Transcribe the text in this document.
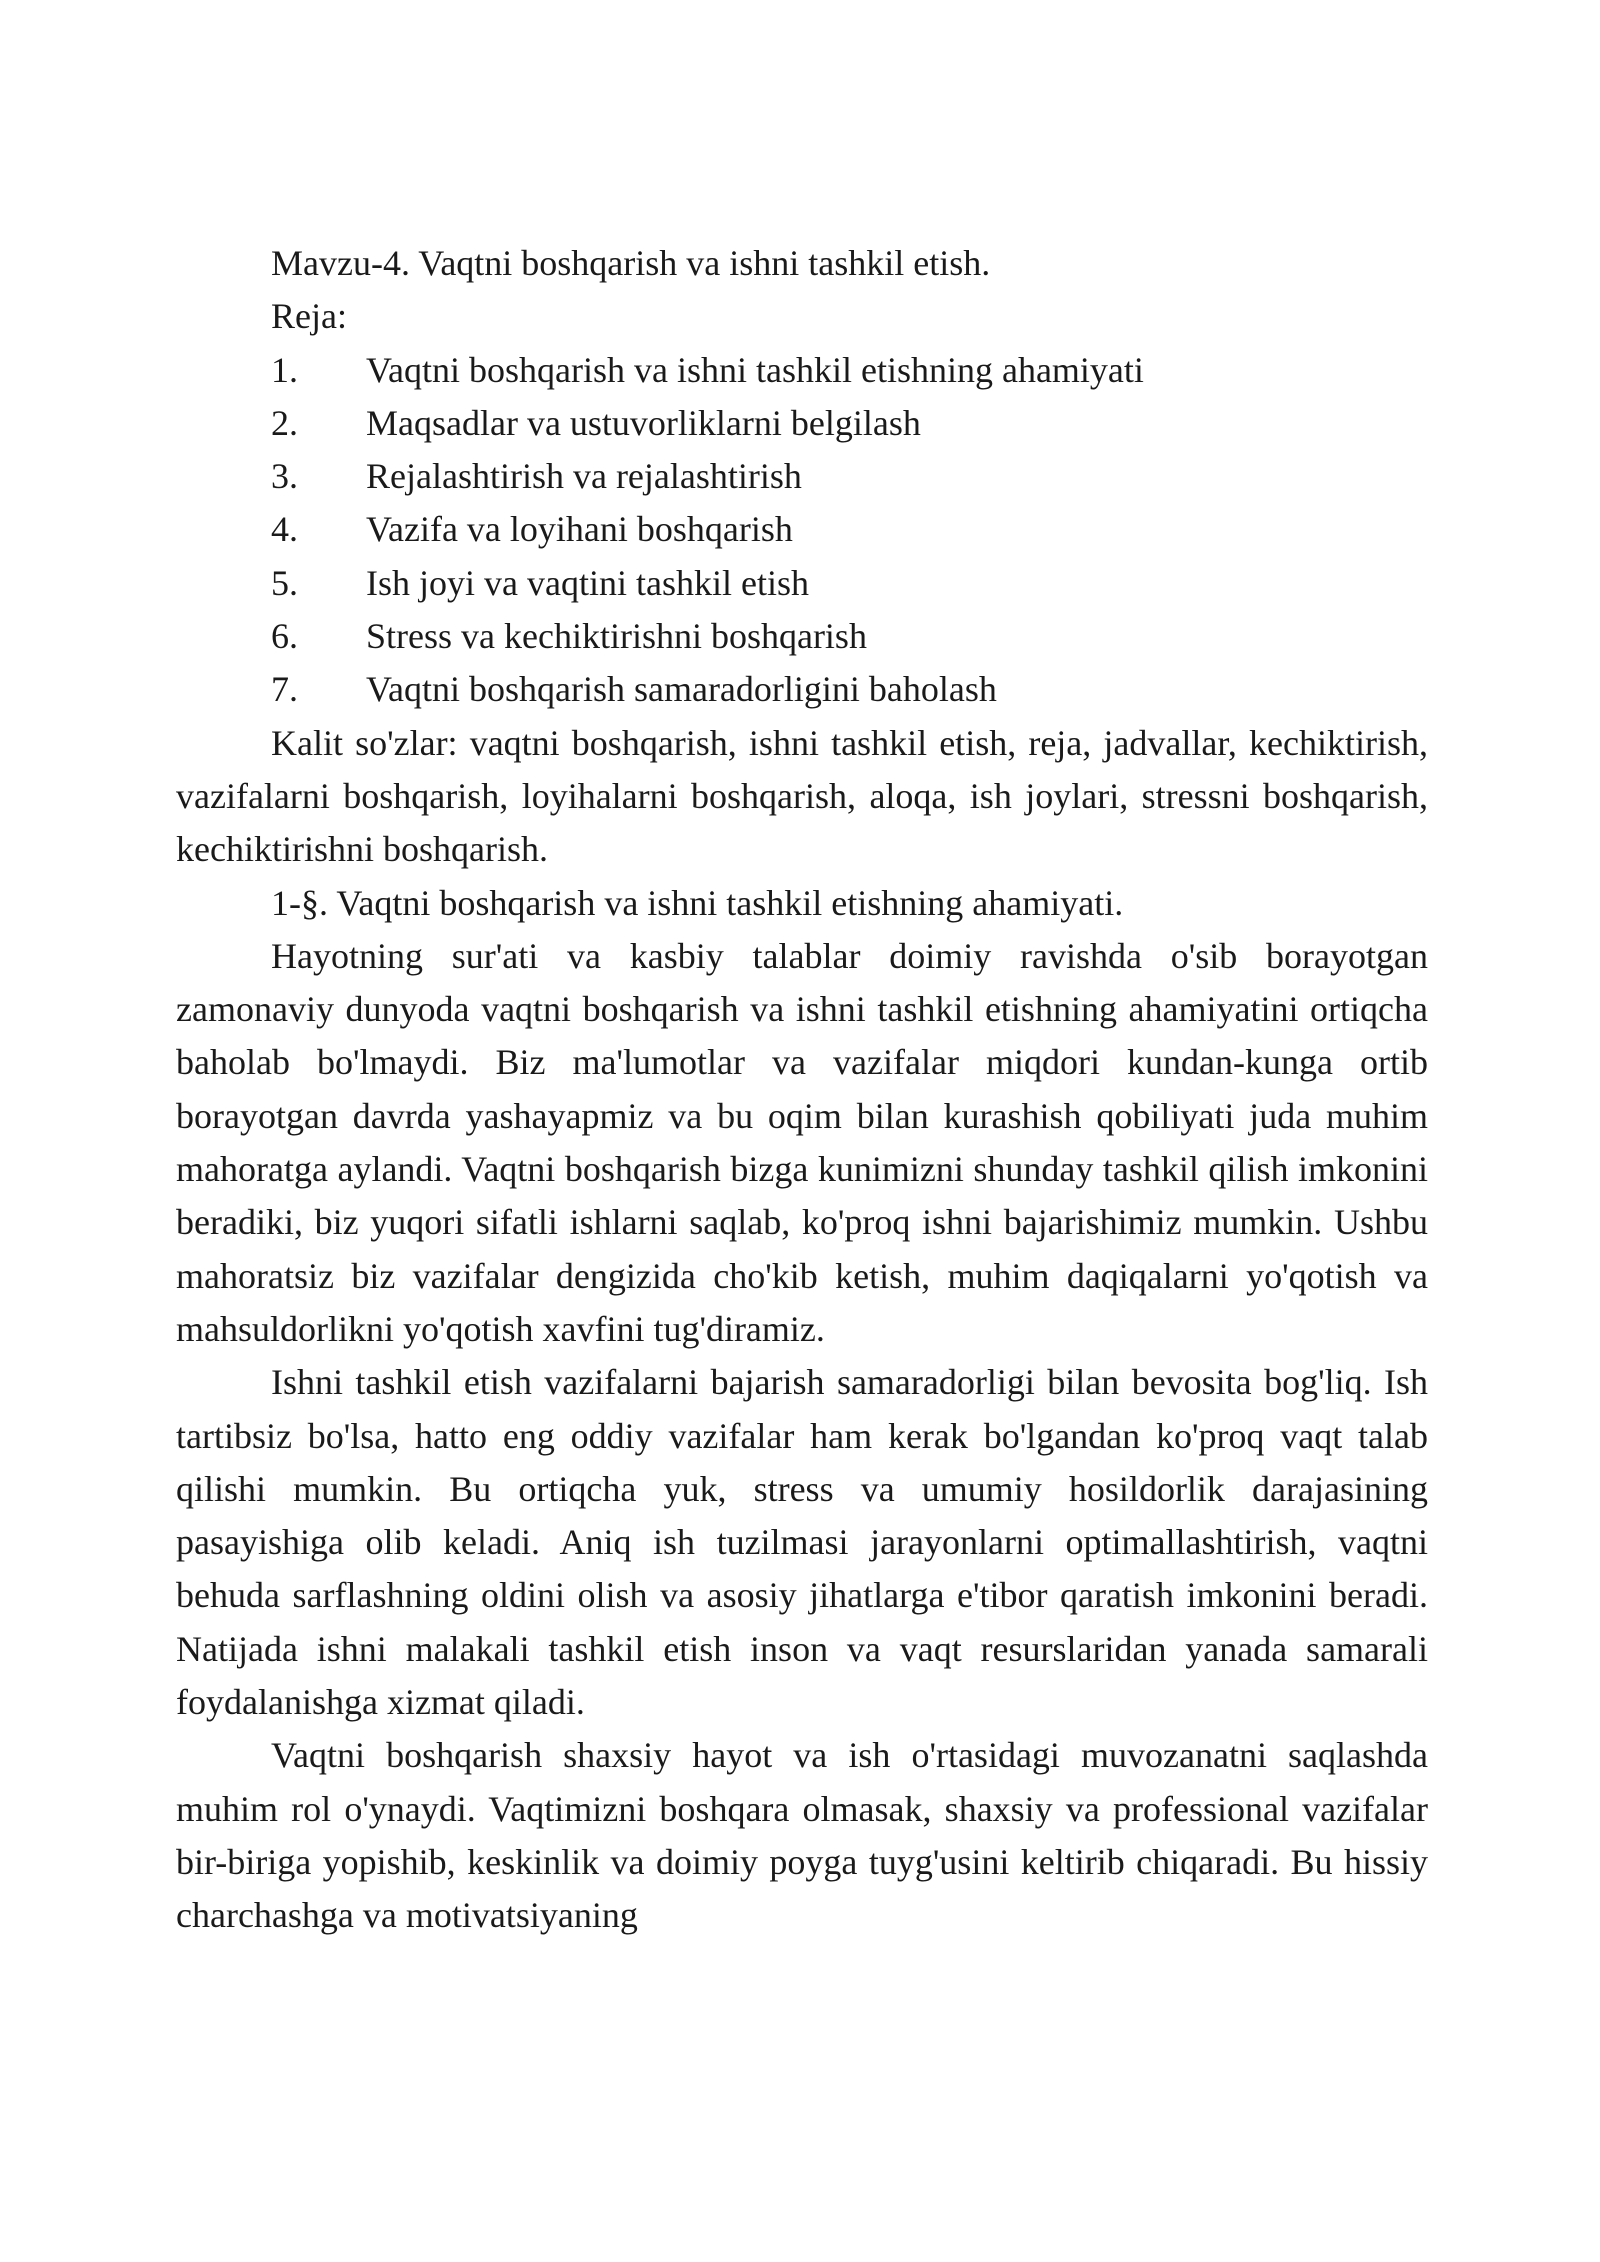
Mavzu-4. Vaqtni boshqarish va ishni tashkil etish.

Reja:

1.	Vaqtni boshqarish va ishni tashkil etishning ahamiyati
2.	Maqsadlar va ustuvorliklarni belgilash
3.	Rejalashtirish va rejalashtirish
4.	Vazifa va loyihani boshqarish
5.	Ish joyi va vaqtini tashkil etish
6.	Stress va kechiktirishni boshqarish
7.	Vaqtni boshqarish samaradorligini baholash

Kalit so'zlar: vaqtni boshqarish, ishni tashkil etish, reja, jadvallar, kechiktirish, vazifalarni boshqarish, loyihalarni boshqarish, aloqa, ish joylari, stressni boshqarish, kechiktirishni boshqarish.

1-§. Vaqtni boshqarish va ishni tashkil etishning ahamiyati.

Hayotning sur'ati va kasbiy talablar doimiy ravishda o'sib borayotgan zamonaviy dunyoda vaqtni boshqarish va ishni tashkil etishning ahamiyatini ortiqcha baholab bo'lmaydi. Biz ma'lumotlar va vazifalar miqdori kundan-kunga ortib borayotgan davrda yashayapmiz va bu oqim bilan kurashish qobiliyati juda muhim mahoratga aylandi. Vaqtni boshqarish bizga kunimizni shunday tashkil qilish imkonini beradiki, biz yuqori sifatli ishlarni saqlab, ko'proq ishni bajarishimiz mumkin. Ushbu mahoratsiz biz vazifalar dengizida cho'kib ketish, muhim daqiqalarni yo'qotish va mahsuldorlikni yo'qotish xavfini tug'diramiz.

Ishni tashkil etish vazifalarni bajarish samaradorligi bilan bevosita bog'liq. Ish tartibsiz bo'lsa, hatto eng oddiy vazifalar ham kerak bo'lgandan ko'proq vaqt talab qilishi mumkin. Bu ortiqcha yuk, stress va umumiy hosildorlik darajasining pasayishiga olib keladi. Aniq ish tuzilmasi jarayonlarni optimallashtirish, vaqtni behuda sarflashning oldini olish va asosiy jihatlarga e'tibor qaratish imkonini beradi. Natijada ishni malakali tashkil etish inson va vaqt resurslaridan yanada samarali foydalanishga xizmat qiladi.

Vaqtni boshqarish shaxsiy hayot va ish o'rtasidagi muvozanatni saqlashda muhim rol o'ynaydi. Vaqtimizni boshqara olmasak, shaxsiy va professional vazifalar bir-biriga yopishib, keskinlik va doimiy poyga tuyg'usini keltirib chiqaradi. Bu hissiy charchashga va motivatsiyaning
